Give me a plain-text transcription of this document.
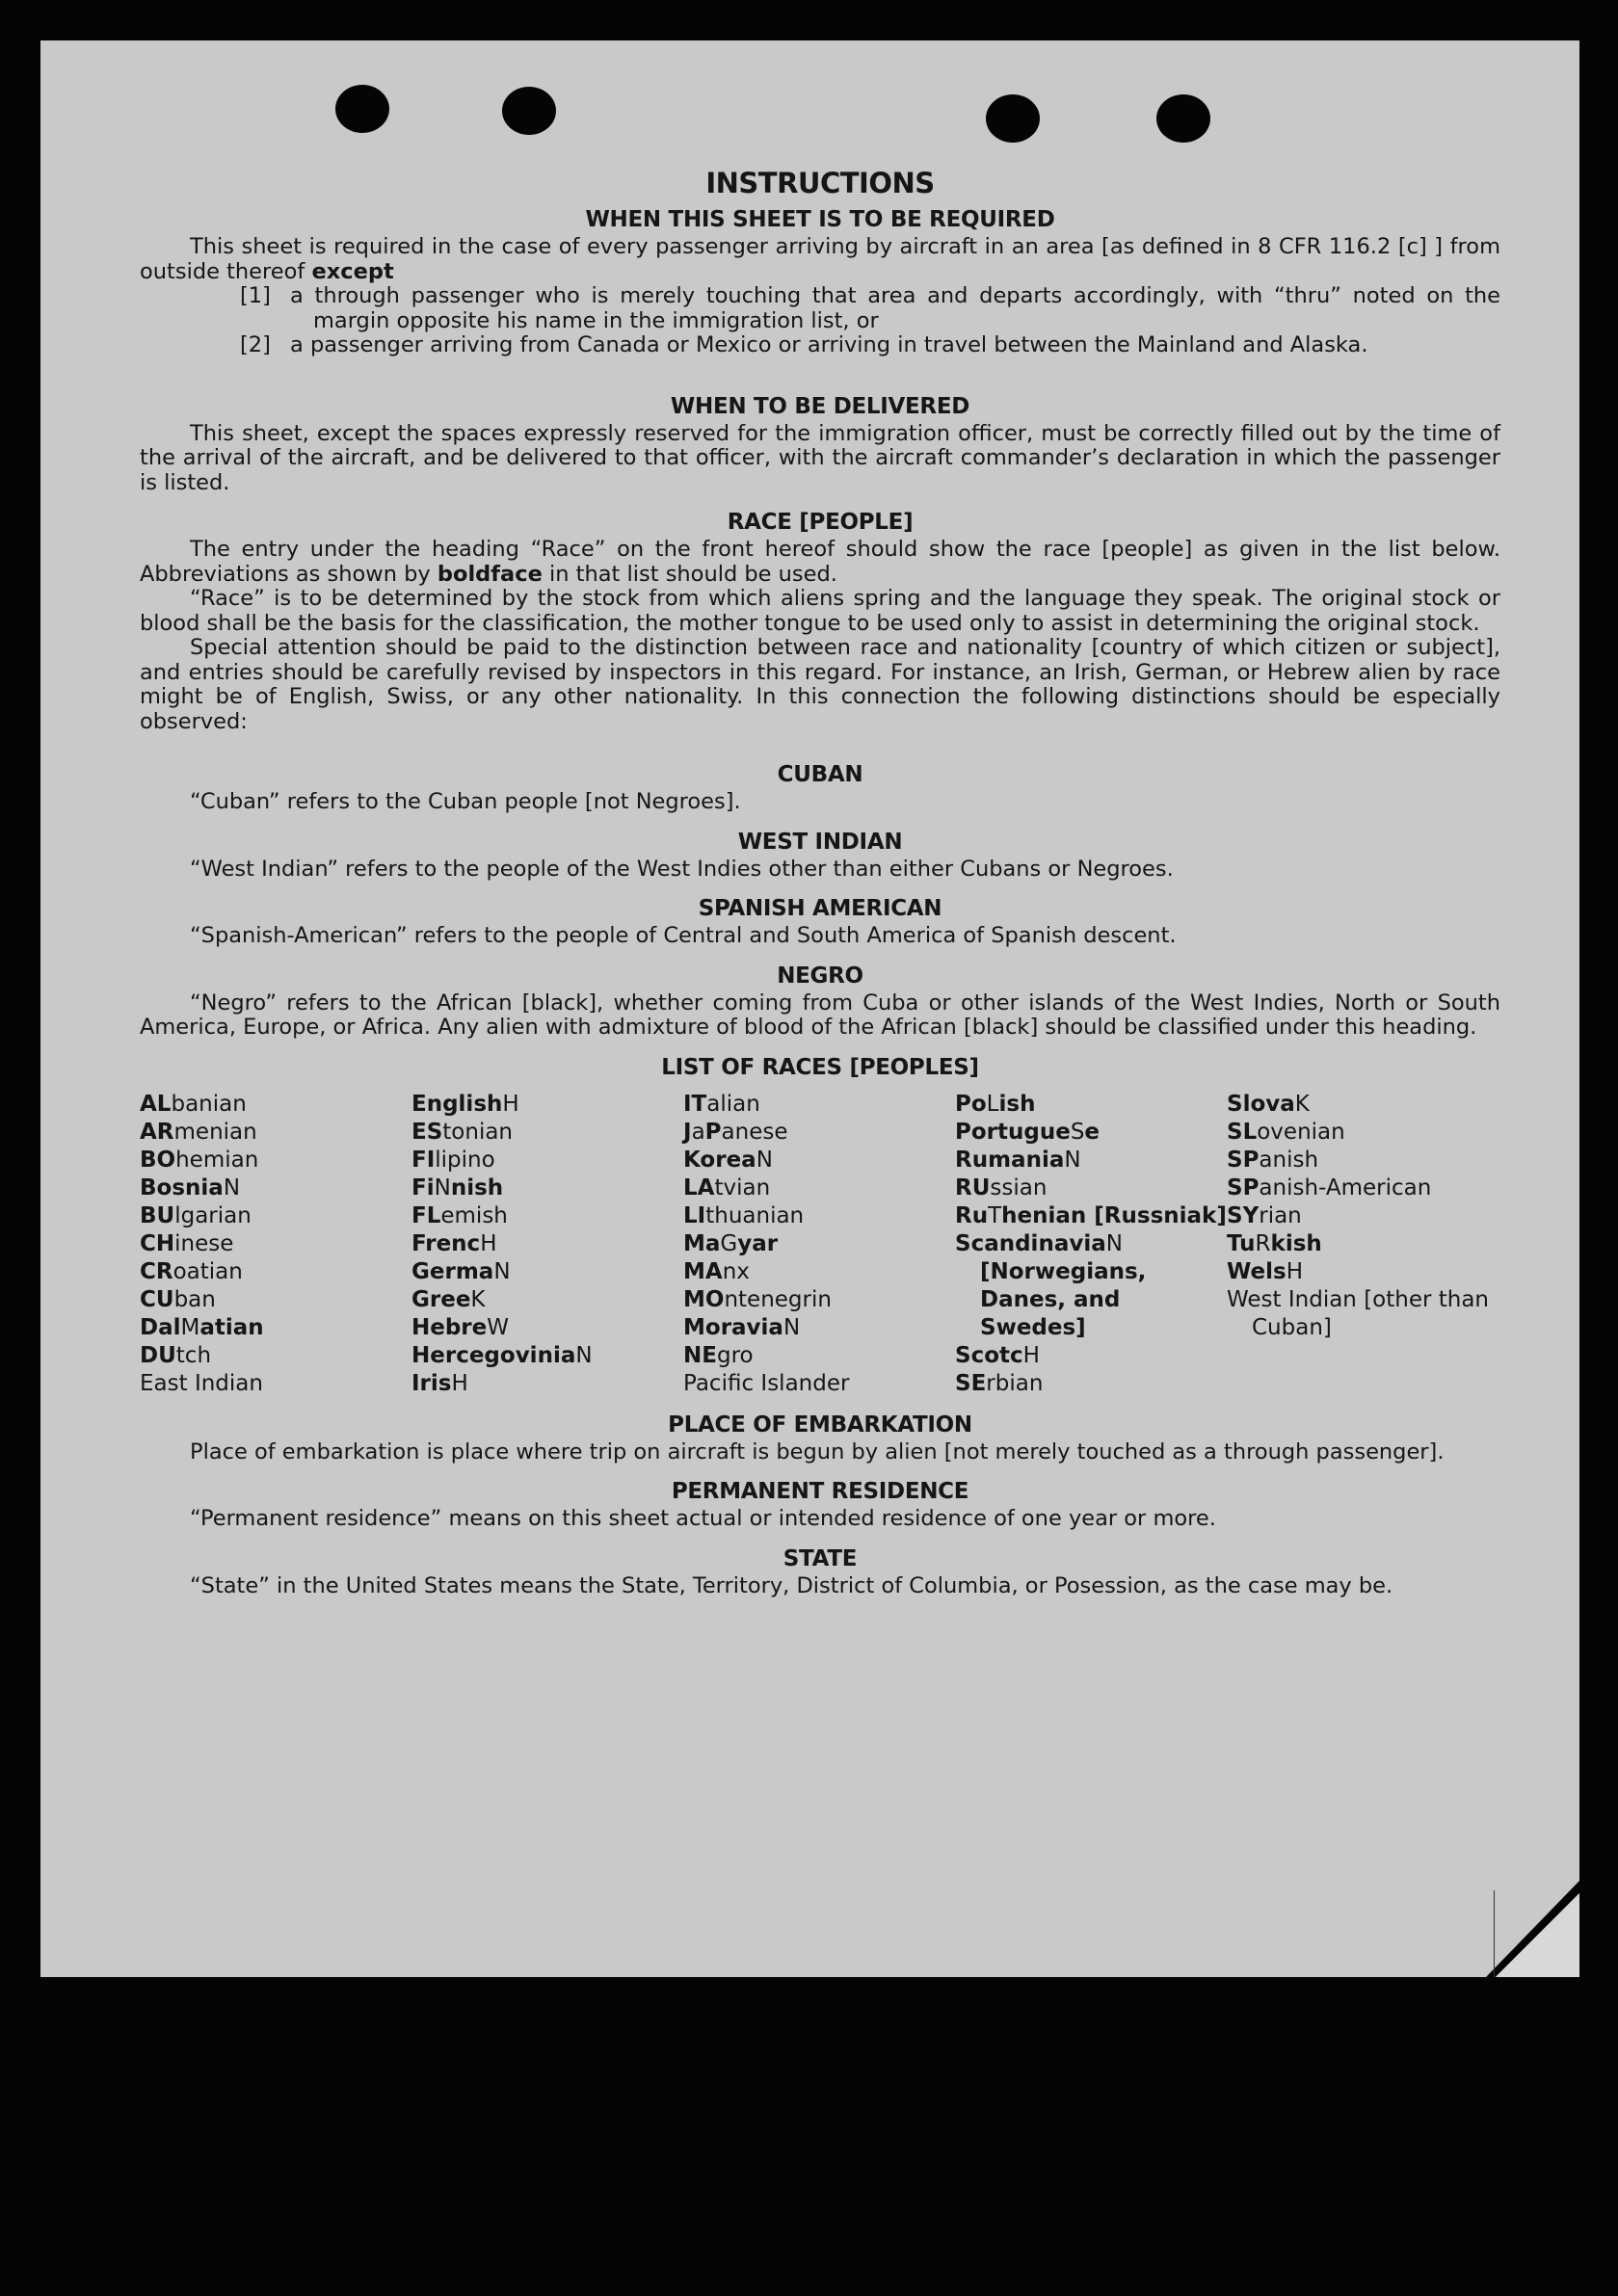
INSTRUCTIONS
WHEN THIS SHEET IS TO BE REQUIRED

This sheet is required in the case of every passenger arriving by aircraft in an area [as defined in 8 CFR 116.2 [c] ] from outside thereof except

[1] a through passenger who is merely touching that area and departs accordingly, with “thru” noted on the margin opposite his name in the immigration list, or

[2] a passenger arriving from Canada or Mexico or arriving in travel between the Mainland and Alaska.

WHEN TO BE DELIVERED

This sheet, except the spaces expressly reserved for the immigration officer, must be correctly filled out by the time of the arrival of the aircraft, and be delivered to that officer, with the aircraft commander’s declaration in which the passenger is listed.

RACE [PEOPLE]

The entry under the heading “Race” on the front hereof should show the race [people] as given in the list below. Abbreviations as shown by boldface in that list should be used.

“Race” is to be determined by the stock from which aliens spring and the language they speak. The original stock or blood shall be the basis for the classification, the mother tongue to be used only to assist in determining the original stock.

Special attention should be paid to the distinction between race and nationality [country of which citizen or subject], and entries should be carefully revised by inspectors in this regard. For instance, an Irish, German, or Hebrew alien by race might be of English, Swiss, or any other nationality. In this connection the following distinctions should be especially observed:

CUBAN

“Cuban” refers to the Cuban people [not Negroes].

WEST INDIAN

“West Indian” refers to the people of the West Indies other than either Cubans or Negroes.

SPANISH AMERICAN

“Spanish-American” refers to the people of Central and South America of Spanish descent.

NEGRO

“Negro” refers to the African [black], whether coming from Cuba or other islands of the West Indies, North or South America, Europe, or Africa. Any alien with admixture of blood of the African [black] should be classified under this heading.

LIST OF RACES [PEOPLES]
ALbanian
ARmenian
BOhemian
BosniaN
BUlgarian
CHinese
CRoatian
CUban
DalMatian
DUtch
East Indian
EnglishH
EStonian
FIlipino
FiNnish
FLemish
FrencH
GermaN
GreeK
HebreW
HercegoviniaN
IrisH
ITalian
JaPanese
KoreaN
LAtvian
LIthuanian
MaGyar
MAnx
MOntenegrin
MoraviaN
NEgro
Pacific Islander
PoLish
PortugueSe
RumaniaN
RUssian
RuThenian [Russniak]
ScandinaviaN [Norwegians, Danes, and Swedes]
ScotcH
SErbian
SlovaK
SLovenian
SPanish
SPanish-American
SYrian
TuRkish
WelsH
West Indian [other than Cuban]
PLACE OF EMBARKATION

Place of embarkation is place where trip on aircraft is begun by alien [not merely touched as a through passenger].

PERMANENT RESIDENCE

“Permanent residence” means on this sheet actual or intended residence of one year or more.

STATE

“State” in the United States means the State, Territory, District of Columbia, or Posession, as the case may be.
